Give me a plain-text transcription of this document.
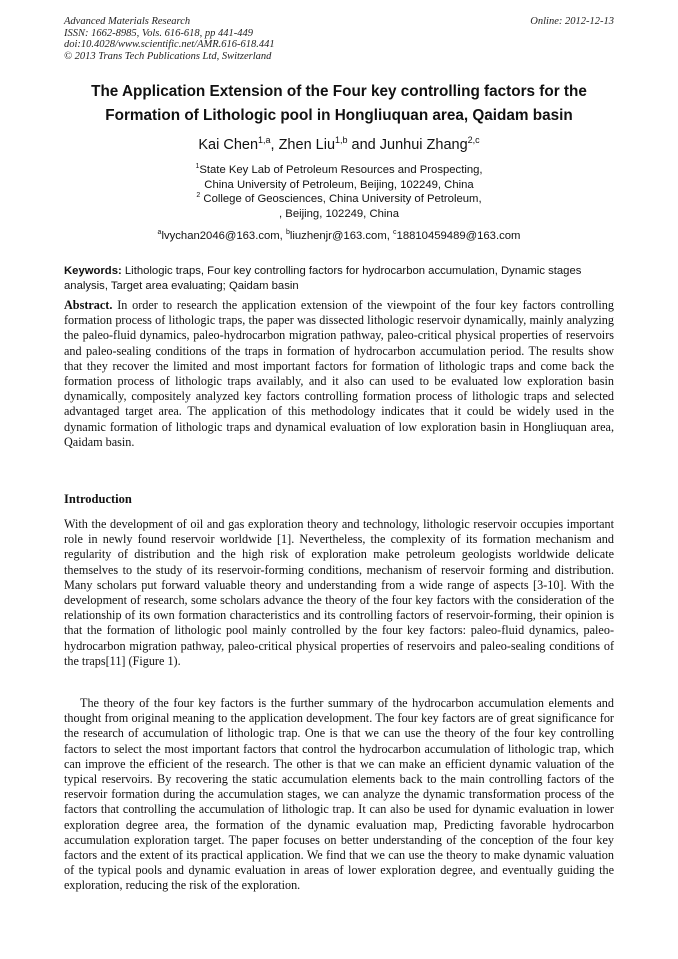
Advanced Materials Research
ISSN: 1662-8985, Vols. 616-618, pp 441-449
doi:10.4028/www.scientific.net/AMR.616-618.441
© 2013 Trans Tech Publications Ltd, Switzerland
Online: 2012-12-13
The Application Extension of the Four key controlling factors for the
Formation of Lithologic pool in Hongliuquan area, Qaidam basin
Kai Chen$^{1,a}$, Zhen Liu$^{1,b}$ and Junhui Zhang$^{2,c}$
$^1$State Key Lab of Petroleum Resources and Prospecting,
China University of Petroleum, Beijing, 102249, China
$^2$ College of Geosciences, China University of Petroleum,
, Beijing, 102249, China
$^a$lvychan2046@163.com, $^b$liuzhenjr@163.com, $^c$18810459489@163.com
Keywords: Lithologic traps, Four key controlling factors for hydrocarbon accumulation, Dynamic stages analysis, Target area evaluating; Qaidam basin
Abstract. In order to research the application extension of the viewpoint of the four key factors controlling formation process of lithologic traps, the paper was dissected lithologic reservoir dynamically, mainly analyzing the paleo-fluid dynamics, paleo-hydrocarbon migration pathway, paleo-critical physical properties of reservoirs and paleo-sealing conditions of the traps in formation of hydrocarbon accumulation period. The results show that they recover the limited and most important factors for formation of lithologic traps and come back the formation process of lithologic traps availably, and it also can used to be evaluated low exploration basin dynamically, compositely analyzed key factors controlling formation process of lithologic traps and selected advantaged target area. The application of this methodology indicates that it could be widely used in the dynamic formation of lithologic traps and dynamical evaluation of low exploration basin in Hongliuquan area, Qaidam basin.
Introduction

With the development of oil and gas exploration theory and technology, lithologic reservoir occupies important role in newly found reservoir worldwide [1]. Nevertheless, the complexity of its formation mechanism and regularity of distribution and the high risk of exploration make petroleum geologists worldwide delicate themselves to the study of its reservoir-forming conditions, mechanism of reservoir forming and distribution. Many scholars put forward valuable theory and understanding from a wide range of aspects [3-10]. With the development of research, some scholars advance the theory of the four key factors with the consideration of the relationship of its own formation characteristics and its controlling factors of reservoir-forming, their opinion is that the formation of lithologic pool mainly controlled by the four key factors: paleo-fluid dynamics, paleo-hydrocarbon migration pathway, paleo-critical physical properties of reservoirs and paleo-sealing conditions of the traps[11] (Figure 1).

The theory of the four key factors is the further summary of the hydrocarbon accumulation elements and thought from original meaning to the application development. The four key factors are of great significance for the research of accumulation of lithologic trap. One is that we can use the theory of the four key controlling factors to select the most important factors that control the hydrocarbon accumulation of lithologic trap, which can improve the efficient of the research. The other is that we can make an efficient dynamic valuation of the typical reservoirs. By recovering the static accumulation elements back to the main controlling factors of the reservoir formation during the accumulation stages, we can analyze the dynamic transformation process of the factors that controlling the accumulation of lithologic trap. It can also be used for dynamic evaluation in lower exploration degree area, the formation of the dynamic evaluation map, Predicting favorable hydrocarbon accumulation exploration target. The paper focuses on better understanding of the conception of the four key factors and the extent of its practical application. We find that we can use the theory to make dynamic valuation of the typical pools and dynamic evaluation in areas of lower exploration degree, and eventually guiding the exploration, reducing the risk of the exploration.
